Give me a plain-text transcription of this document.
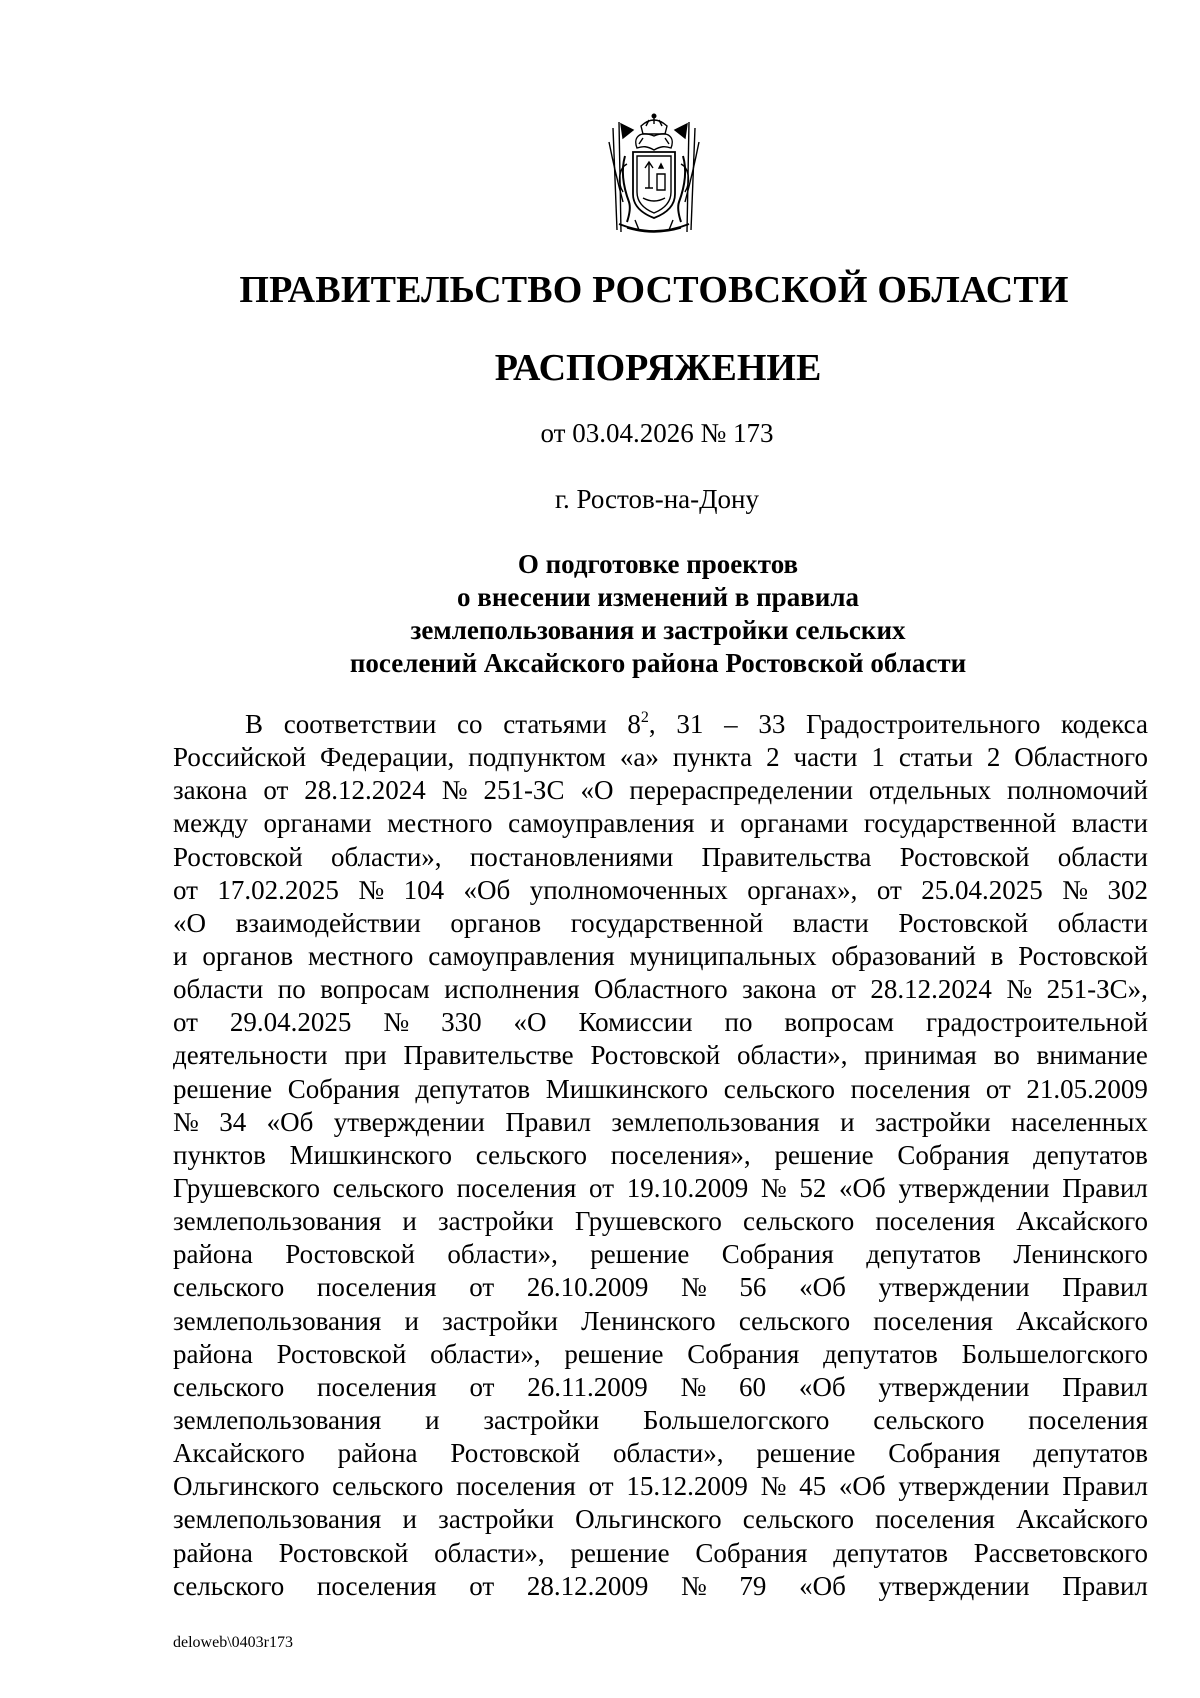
ПРАВИТЕЛЬСТВО РОСТОВСКОЙ ОБЛАСТИ
РАСПОРЯЖЕНИЕ
от 03.04.2026 № 173
г. Ростов-на-Дону
О подготовке проектов
о внесении изменений в правила
землепользования и застройки сельских
поселений Аксайского района Ростовской области
В соответствии со статьями $8^2$, 31 – 33 Градостроительного кодекса
Российской Федерации, подпунктом «а» пункта 2 части 1 статьи 2 Областного
закона от 28.12.2024 № 251-ЗС «О перераспределении отдельных полномочий
между органами местного самоуправления и органами государственной власти
Ростовской области», постановлениями Правительства Ростовской области
от 17.02.2025 № 104 «Об уполномоченных органах», от 25.04.2025 № 302
«О взаимодействии органов государственной власти Ростовской области
и органов местного самоуправления муниципальных образований в Ростовской
области по вопросам исполнения Областного закона от 28.12.2024 № 251-ЗС»,
от 29.04.2025 № 330 «О Комиссии по вопросам градостроительной
деятельности при Правительстве Ростовской области», принимая во внимание
решение Собрания депутатов Мишкинского сельского поселения от 21.05.2009
№ 34 «Об утверждении Правил землепользования и застройки населенных
пунктов Мишкинского сельского поселения», решение Собрания депутатов
Грушевского сельского поселения от 19.10.2009 № 52 «Об утверждении Правил
землепользования и застройки Грушевского сельского поселения Аксайского
района Ростовской области», решение Собрания депутатов Ленинского
сельского поселения от 26.10.2009 № 56 «Об утверждении Правил
землепользования и застройки Ленинского сельского поселения Аксайского
района Ростовской области», решение Собрания депутатов Большелогского
сельского поселения от 26.11.2009 № 60 «Об утверждении Правил
землепользования и застройки Большелогского сельского поселения
Аксайского района Ростовской области», решение Собрания депутатов
Ольгинского сельского поселения от 15.12.2009 № 45 «Об утверждении Правил
землепользования и застройки Ольгинского сельского поселения Аксайского
района Ростовской области», решение Собрания депутатов Рассветовского
сельского поселения от 28.12.2009 № 79 «Об утверждении Правил
deloweb\0403r173
